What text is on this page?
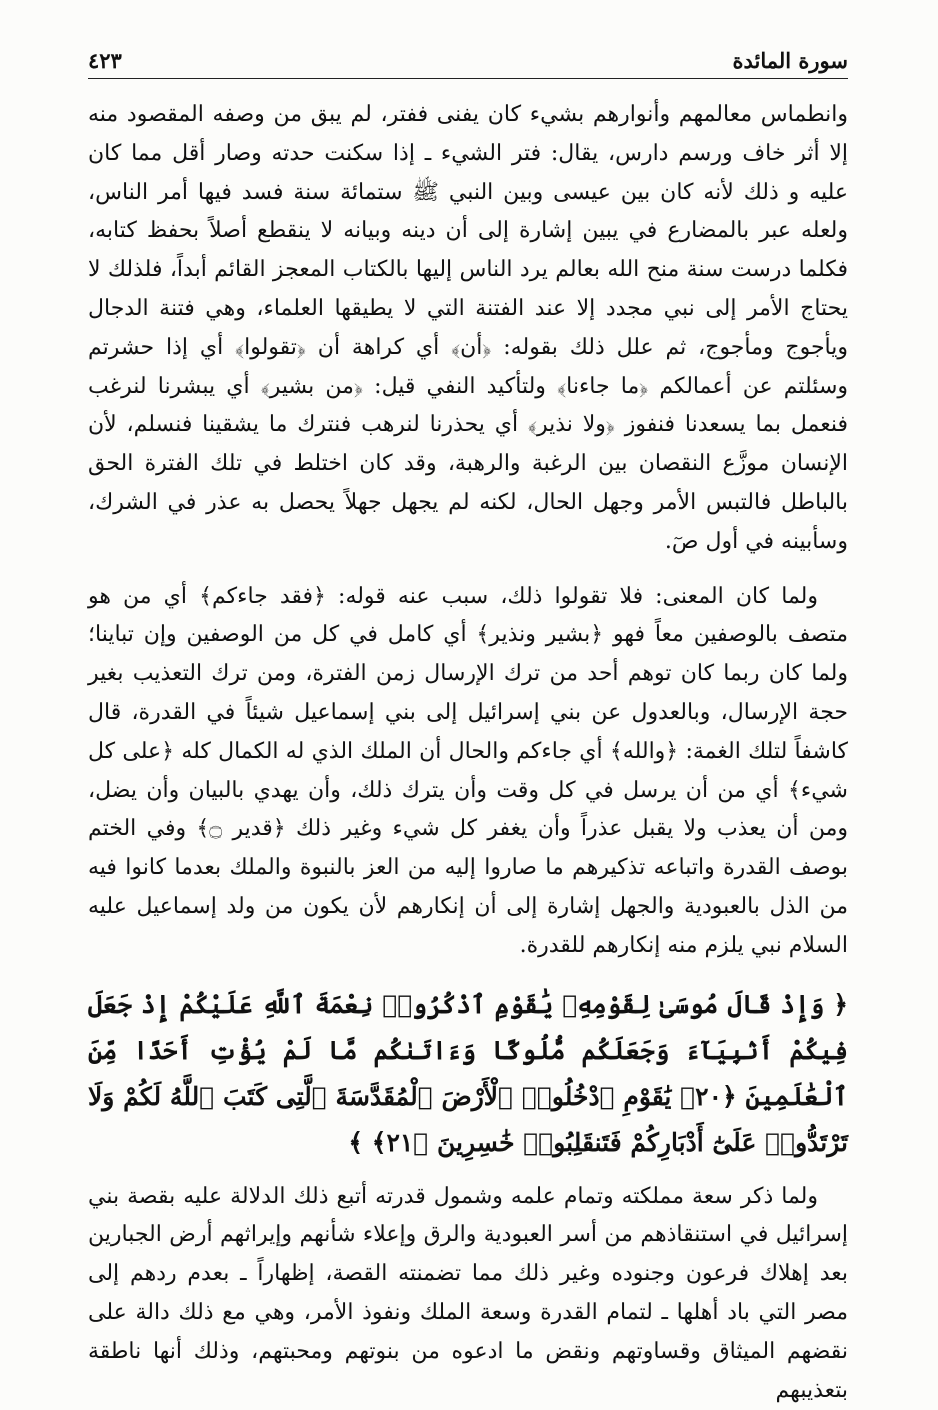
٤٢٣	سورة المائدة

وانطماس معالمهم وأنوارهم بشيء كان يفنى ففتر، لم يبق من وصفه المقصود منه إلا أثر خاف ورسم دارس، يقال: فتر الشيء ـ إذا سكنت حدته وصار أقل مما كان عليه و ذلك لأنه كان بين عيسى وبين النبي ﷺ ستمائة سنة فسد فيها أمر الناس، ولعله عبر بالمضارع في يبين إشارة إلى أن دينه وبيانه لا ينقطع أصلاً بحفظ كتابه، فكلما درست سنة منح الله بعالم يرد الناس إليها بالكتاب المعجز القائم أبداً، فلذلك لا يحتاج الأمر إلى نبي مجدد إلا عند الفتنة التي لا يطيقها العلماء، وهي فتنة الدجال ويأجوج ومأجوج، ثم علل ذلك بقوله: ﴿أن﴾ أي كراهة أن ﴿تقولوا﴾ أي إذا حشرتم وسئلتم عن أعمالكم ﴿ما جاءنا﴾ ولتأكيد النفي قيل: ﴿من بشير﴾ أي يبشرنا لنرغب فنعمل بما يسعدنا فنفوز ﴿ولا نذير﴾ أي يحذرنا لنرهب فنترك ما يشقينا فنسلم، لأن الإنسان موزَّع النقصان بين الرغبة والرهبة، وقد كان اختلط في تلك الفترة الحق بالباطل فالتبس الأمر وجهل الحال، لكنه لم يجهل جهلاً يحصل به عذر في الشرك، وسأبينه في أول صٓ.

ولما كان المعنى: فلا تقولوا ذلك، سبب عنه قوله: ﴿فقد جاءكم﴾ أي من هو متصف بالوصفين معاً فهو ﴿بشير ونذير﴾ أي كامل في كل من الوصفين وإن تباينا؛ ولما كان ربما كان توهم أحد من ترك الإرسال زمن الفترة، ومن ترك التعذيب بغير حجة الإرسال، وبالعدول عن بني إسرائيل إلى بني إسماعيل شيئاً في القدرة، قال كاشفاً لتلك الغمة: ﴿والله﴾ أي جاءكم والحال أن الملك الذي له الكمال كله ﴿على كل شيء﴾ أي من أن يرسل في كل وقت وأن يترك ذلك، وأن يهدي بالبيان وأن يضل، ومن أن يعذب ولا يقبل عذراً وأن يغفر كل شيء وغير ذلك ﴿قدير ۝﴾ وفي الختم بوصف القدرة واتباعه تذكيرهم ما صاروا إليه من العز بالنبوة والملك بعدما كانوا فيه من الذل بالعبودية والجهل إشارة إلى أن إنكارهم لأن يكون من ولد إسماعيل عليه السلام نبي يلزم منه إنكارهم للقدرة.

﴿ وَإِذْ قَالَ مُوسَىٰ لِقَوْمِهِۦ يَٰقَوْمِ ٱذْكُرُوا۟ نِعْمَةَ ٱللَّهِ عَلَيْكُمْ إِذْ جَعَلَ فِيكُمْ أَنۢبِيَآءَ وَجَعَلَكُم مُّلُوكًا وَءَاتَىٰكُم مَّا لَمْ يُؤْتِ أَحَدًا مِّنَ ٱلْعَٰلَمِينَ ﴿٢٠﴾ يَٰقَوْمِ ٱدْخُلُوا۟ ٱلْأَرْضَ ٱلْمُقَدَّسَةَ ٱلَّتِى كَتَبَ ٱللَّهُ لَكُمْ وَلَا تَرْتَدُّوا۟ عَلَىٰٓ أَدْبَارِكُمْ فَتَنقَلِبُوا۟ خَٰسِرِينَ ﴿٢١﴾ ﴾

ولما ذكر سعة مملكته وتمام علمه وشمول قدرته أتبع ذلك الدلالة عليه بقصة بني إسرائيل في استنقاذهم من أسر العبودية والرق وإعلاء شأنهم وإيراثهم أرض الجبارين بعد إهلاك فرعون وجنوده وغير ذلك مما تضمنته القصة، إظهاراً ـ بعدم ردهم إلى مصر التي باد أهلها ـ لتمام القدرة وسعة الملك ونفوذ الأمر، وهي مع ذلك دالة على نقضهم الميثاق وقساوتهم ونقض ما ادعوه من بنوتهم ومحبتهم، وذلك أنها ناطقة بتعذيبهم
